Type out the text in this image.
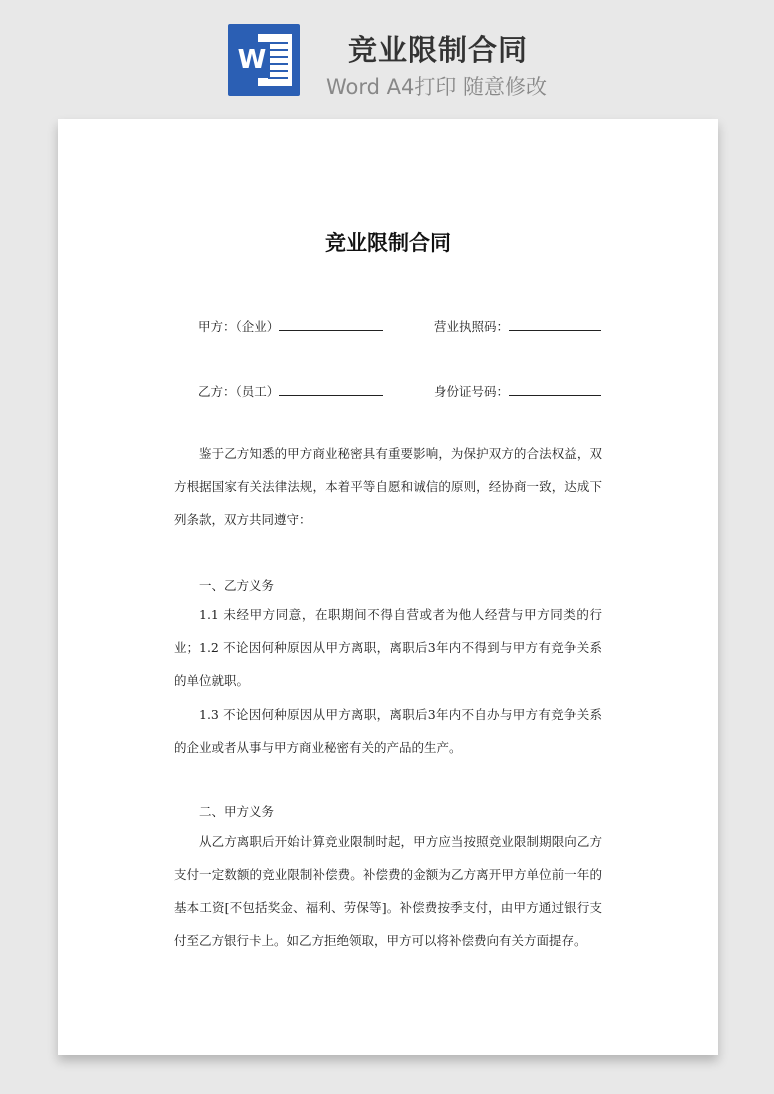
W	竞业限制合同
Word A4打印 随意修改
竞业限制合同
甲方：（企业）	营业执照码：
乙方：（员工）	身份证号码：
鉴于乙方知悉的甲方商业秘密具有重要影响，为保护双方的合法权益，双方根据国家有关法律法规，本着平等自愿和诚信的原则，经协商一致，达成下列条款，双方共同遵守：
一、乙方义务
1.1 未经甲方同意，在职期间不得自营或者为他人经营与甲方同类的行业； 1.2 不论因何种原因从甲方离职，离职后3年内不得到与甲方有竞争关系的单位就职。
1.3 不论因何种原因从甲方离职，离职后3年内不自办与甲方有竞争关系的企业或者从事与甲方商业秘密有关的产品的生产。
二、甲方义务
从乙方离职后开始计算竞业限制时起，甲方应当按照竞业限制期限向乙方支付一定数额的竞业限制补偿费。补偿费的金额为乙方离开甲方单位前一年的基本工资[不包括奖金、福利、劳保等]。补偿费按季支付，由甲方通过银行支付至乙方银行卡上。如乙方拒绝领取，甲方可以将补偿费向有关方面提存。
